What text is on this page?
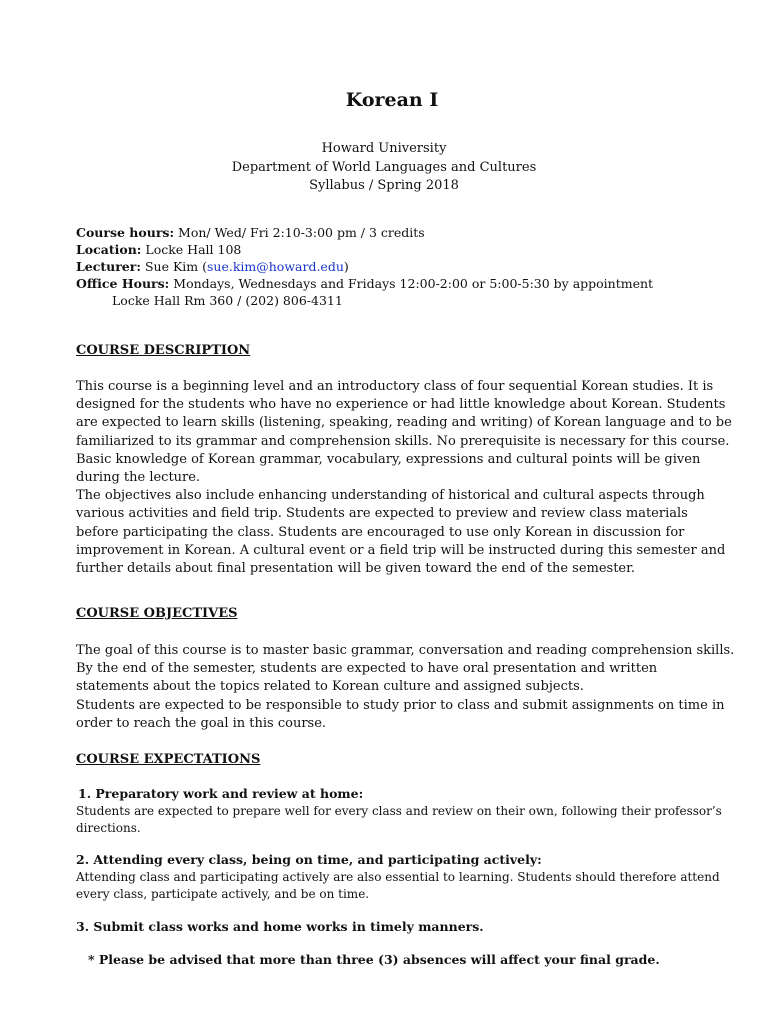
Korean I
Howard University
Department of World Languages and Cultures
Syllabus / Spring 2018
Course hours: Mon/ Wed/ Fri 2:10-3:00 pm / 3 credits
Location: Locke Hall 108
Lecturer: Sue Kim (sue.kim@howard.edu)
Office Hours: Mondays, Wednesdays and Fridays 12:00-2:00 or 5:00-5:30 by appointment
Locke Hall Rm 360 / (202) 806-4311
COURSE DESCRIPTION
This course is a beginning level and an introductory class of four sequential Korean studies. It is
designed for the students who have no experience or had little knowledge about Korean. Students
are expected to learn skills (listening, speaking, reading and writing) of Korean language and to be
familiarized to its grammar and comprehension skills. No prerequisite is necessary for this course.
Basic knowledge of Korean grammar, vocabulary, expressions and cultural points will be given
during the lecture.
The objectives also include enhancing understanding of historical and cultural aspects through
various activities and field trip. Students are expected to preview and review class materials
before participating the class. Students are encouraged to use only Korean in discussion for
improvement in Korean. A cultural event or a field trip will be instructed during this semester and
further details about final presentation will be given toward the end of the semester.
COURSE OBJECTIVES
The goal of this course is to master basic grammar, conversation and reading comprehension skills.
By the end of the semester, students are expected to have oral presentation and written
statements about the topics related to Korean culture and assigned subjects.
Students are expected to be responsible to study prior to class and submit assignments on time in
order to reach the goal in this course.
COURSE EXPECTATIONS
1. Preparatory work and review at home:
Students are expected to prepare well for every class and review on their own, following their professor’s
directions.
2. Attending every class, being on time, and participating actively:
Attending class and participating actively are also essential to learning. Students should therefore attend
every class, participate actively, and be on time.
3. Submit class works and home works in timely manners.
* Please be advised that more than three (3) absences will affect your final grade.
